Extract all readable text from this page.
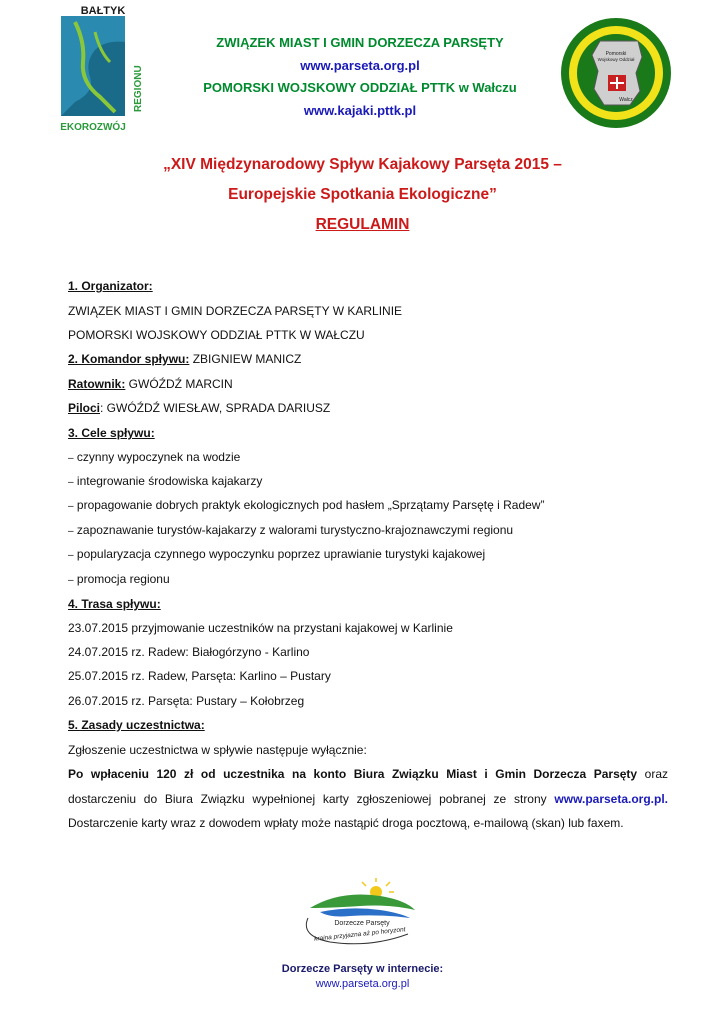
BAŁTYK
REGIONU
EKOROZWÓJ
ZWIĄZEK MIAST I GMIN DORZECZA PARSĘTY
www.parseta.org.pl
POMORSKI WOJSKOWY ODDZIAŁ PTTK w Wałczu
www.kajaki.pttk.pl
Pomorski
Wojskowy Oddział
Wałcz
„XIV Międzynarodowy Spływ Kajakowy Parsęta 2015 –
Europejskie Spotkania Ekologiczne”
REGULAMIN
1. Organizator:
ZWIĄZEK MIAST I GMIN DORZECZA PARSĘTY W KARLINIE
POMORSKI WOJSKOWY ODDZIAŁ PTTK W WAŁCZU
2. Komandor spływu: ZBIGNIEW MANICZ
Ratownik: GWÓŹDŹ MARCIN
Piloci: GWÓŹDŹ WIESŁAW, SPRADA DARIUSZ
3. Cele spływu:
– czynny wypoczynek na wodzie
– integrowanie środowiska kajakarzy
– propagowanie dobrych praktyk ekologicznych pod hasłem „Sprzątamy Parsętę i Radew”
– zapoznawanie turystów-kajakarzy z walorami turystyczno-krajoznawczymi regionu
– popularyzacja czynnego wypoczynku poprzez uprawianie turystyki kajakowej
– promocja regionu
4. Trasa spływu:
23.07.2015 przyjmowanie uczestników na przystani kajakowej w Karlinie
24.07.2015 rz. Radew: Białogórzyno - Karlino
25.07.2015 rz. Radew, Parsęta: Karlino – Pustary
26.07.2015 rz. Parsęta: Pustary – Kołobrzeg
5. Zasady uczestnictwa:
Zgłoszenie uczestnictwa w spływie następuje wyłącznie:
Po wpłaceniu 120 zł od uczestnika na konto Biura Związku Miast i Gmin Dorzecza Parsęty oraz
dostarczeniu do Biura Związku wypełnionej karty zgłoszeniowej pobranej ze strony www.parseta.org.pl.
Dostarczenie karty wraz z dowodem wpłaty może nastąpić droga pocztową, e-mailową (skan) lub faxem.
Dorzecze Parsęty
kraina przyjazna aż po horyzont
Dorzecze Parsęty w internecie:
www.parseta.org.pl
